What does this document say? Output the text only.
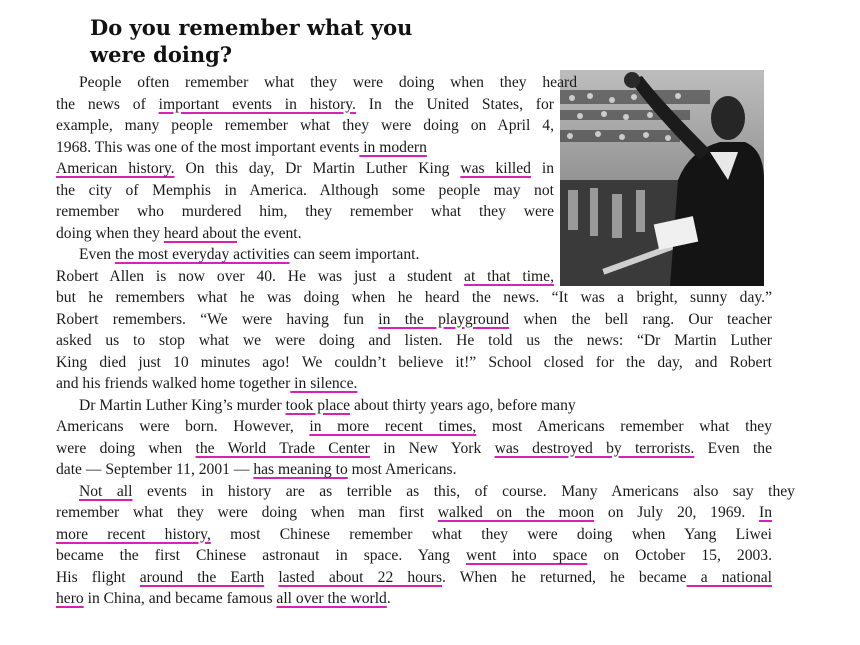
Do you remember what you
were doing?
People often remember what they were doing when they heard
the news of important events in history. In the United States, for
example, many people remember what they were doing on April 4,
1968. This was one of the most important events in modern
American history. On this day, Dr Martin Luther King was killed in
the city of Memphis in America. Although some people may not
remember who murdered him, they remember what they were
doing when they heard about the event.
Even the most everyday activities can seem important.
Robert Allen is now over 40. He was just a student at that time,
but he remembers what he was doing when he heard the news. “It was a bright, sunny day.”
Robert remembers. “We were having fun in the playground when the bell rang. Our teacher
asked us to stop what we were doing and listen. He told us the news: “Dr Martin Luther
King died just 10 minutes ago! We couldn’t believe it!” School closed for the day, and Robert
and his friends walked home together in silence.
Dr Martin Luther King’s murder took place about thirty years ago, before many
Americans were born. However, in more recent times, most Americans remember what they
were doing when the World Trade Center in New York was destroyed by terrorists. Even the
date — September 11, 2001 — has meaning to most Americans.
Not all events in history are as terrible as this, of course. Many Americans also say they
remember what they were doing when man first walked on the moon on July 20, 1969. In
more recent history, most Chinese remember what they were doing when Yang Liwei
became the first Chinese astronaut in space. Yang went into space on October 15, 2003.
His flight around the Earth lasted about 22 hours. When he returned, he became a national
hero in China, and became famous all over the world.
